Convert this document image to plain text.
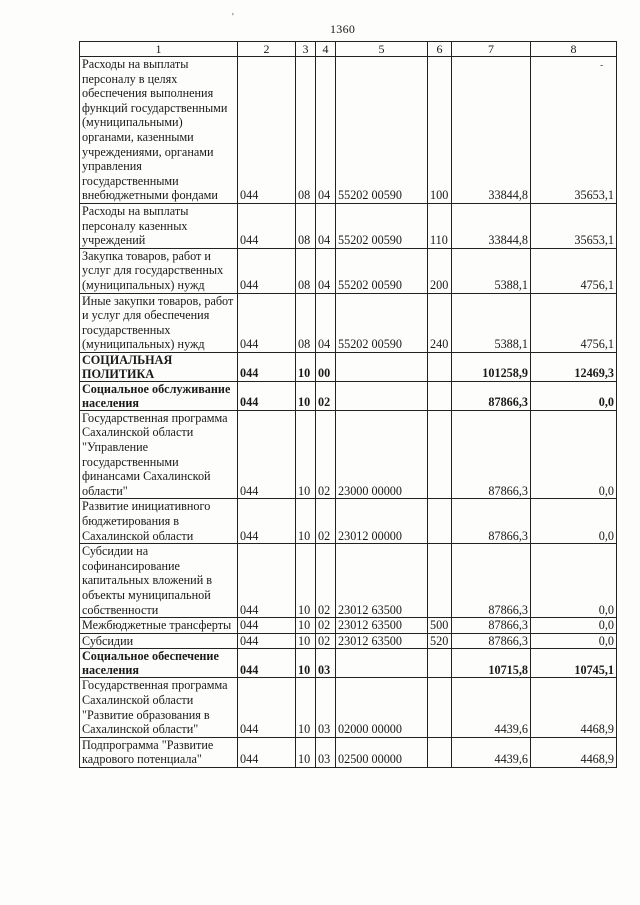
1360
'
-
1	2	3	4	5	6	7	8
Расходы на выплаты персоналу в целях обеспечения выполнения функций государственными (муниципальными) органами, казенными учреждениями, органами управления государственными внебюджетными фондами	044	08	04	55202 00590	100	33844,8	35653,1
Расходы на выплаты персоналу казенных учреждений	044	08	04	55202 00590	110	33844,8	35653,1
Закупка товаров, работ и услуг для государственных (муниципальных) нужд	044	08	04	55202 00590	200	5388,1	4756,1
Иные закупки товаров, работ и услуг для обеспечения государственных (муниципальных) нужд	044	08	04	55202 00590	240	5388,1	4756,1
СОЦИАЛЬНАЯ ПОЛИТИКА	044	10	00			101258,9	12469,3
Социальное обслуживание населения	044	10	02			87866,3	0,0
Государственная программа Сахалинской области "Управление государственными финансами Сахалинской области"	044	10	02	23000 00000		87866,3	0,0
Развитие инициативного бюджетирования в Сахалинской области	044	10	02	23012 00000		87866,3	0,0
Субсидии на софинансирование капитальных вложений в объекты муниципальной собственности	044	10	02	23012 63500		87866,3	0,0
Межбюджетные трансферты	044	10	02	23012 63500	500	87866,3	0,0
Субсидии	044	10	02	23012 63500	520	87866,3	0,0
Социальное обеспечение населения	044	10	03			10715,8	10745,1
Государственная программа Сахалинской области "Развитие образования в Сахалинской области"	044	10	03	02000 00000		4439,6	4468,9
Подпрограмма "Развитие кадрового потенциала"	044	10	03	02500 00000		4439,6	4468,9
